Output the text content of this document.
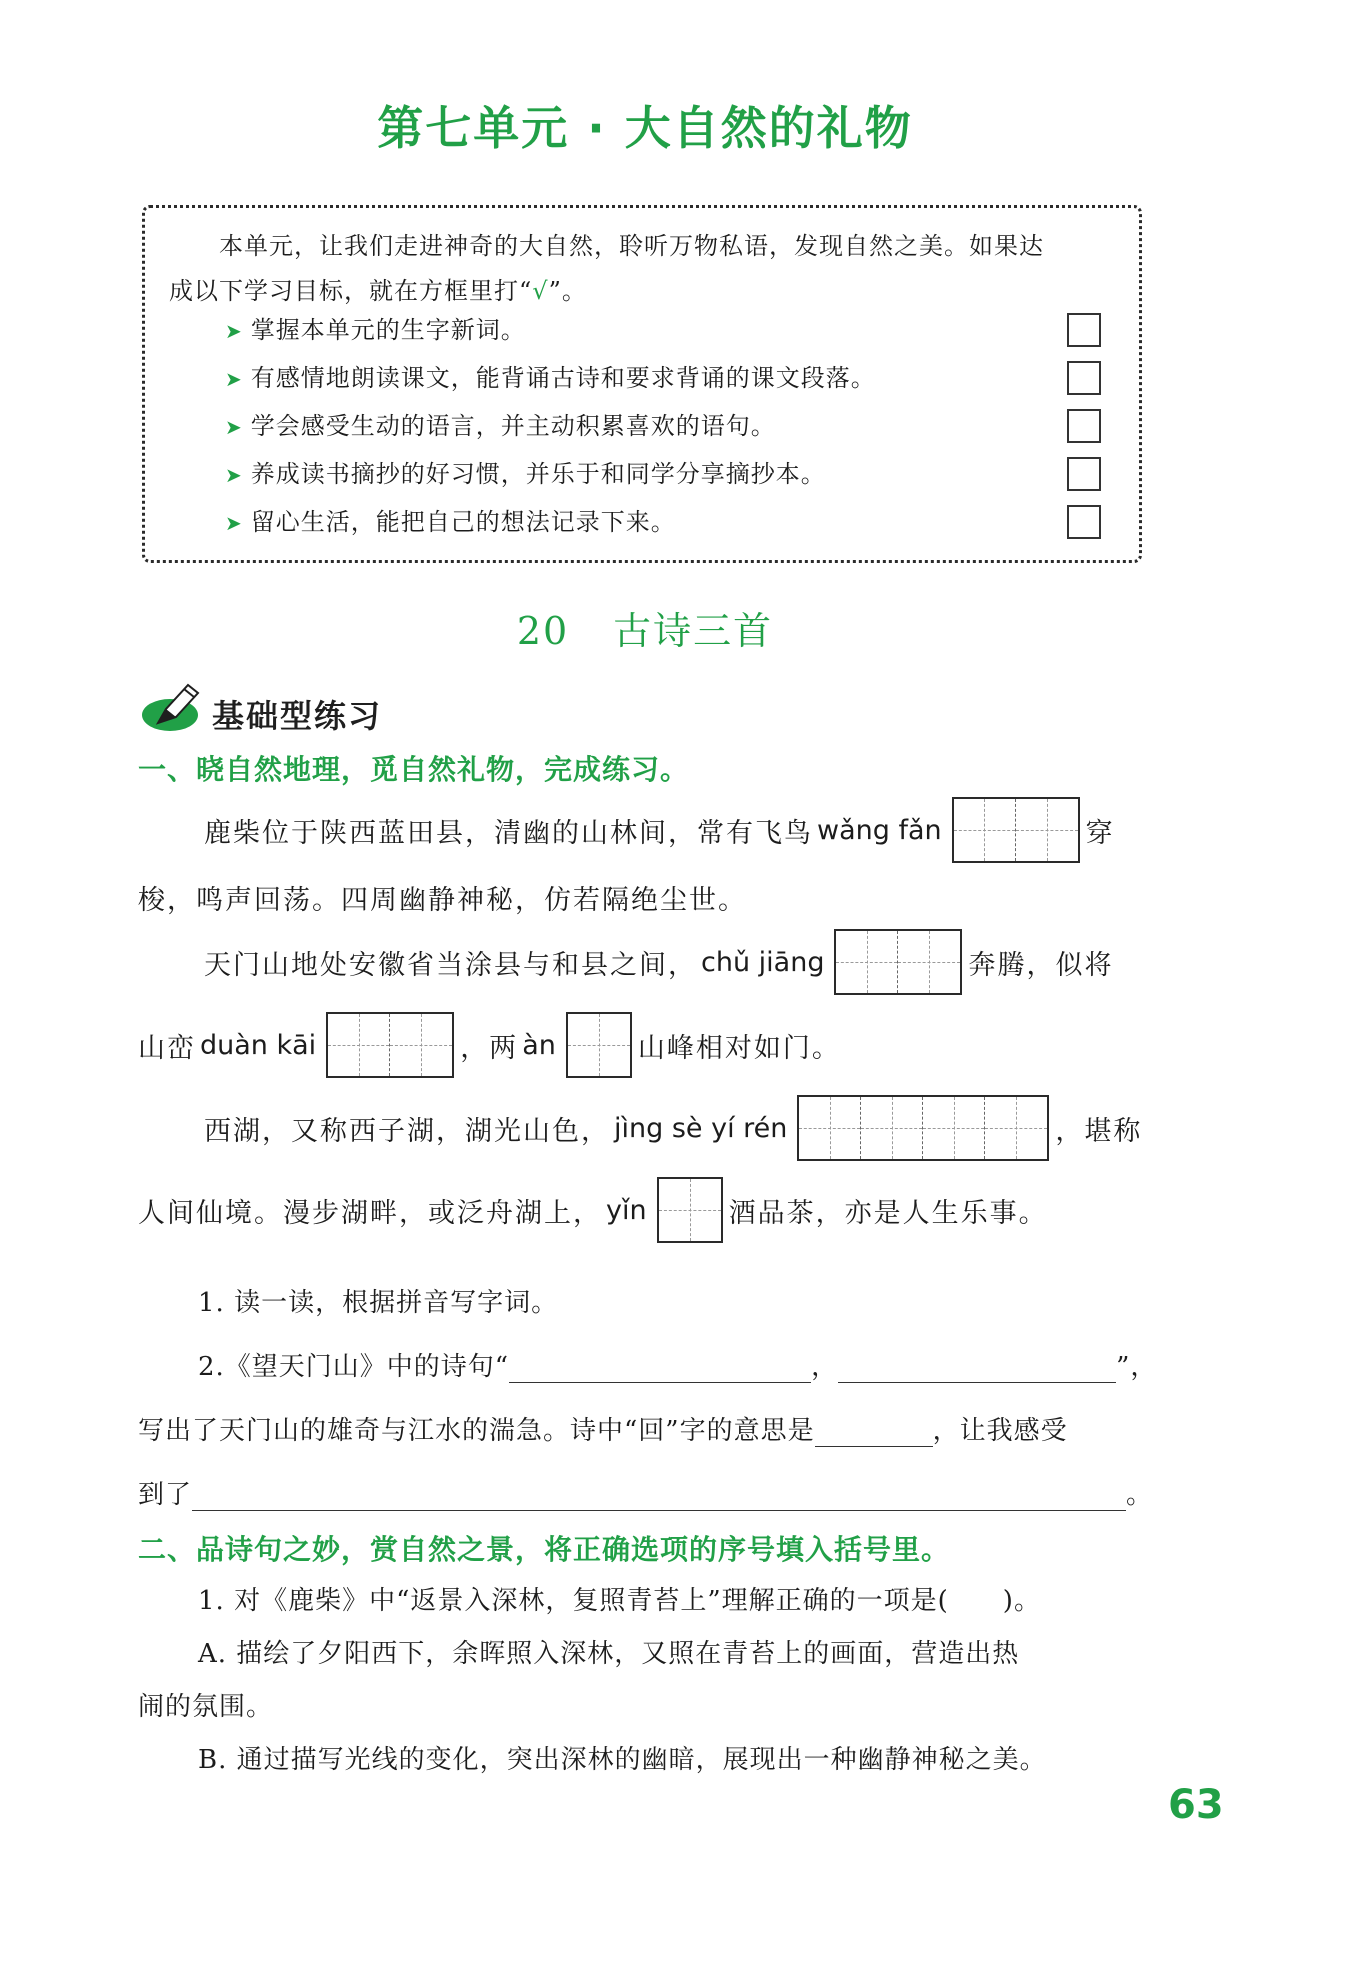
第七单元 · 大自然的礼物
本单元，让我们走进神奇的大自然，聆听万物私语，发现自然之美。如果达
成以下学习目标，就在方框里打“√”。
➤ 掌握本单元的生字新词。
➤ 有感情地朗读课文，能背诵古诗和要求背诵的课文段落。
➤ 学会感受生动的语言，并主动积累喜欢的语句。
➤ 养成读书摘抄的好习惯，并乐于和同学分享摘抄本。
➤ 留心生活，能把自己的想法记录下来。
20 古诗三首
基础型练习
一、晓自然地理，觅自然礼物，完成练习。
鹿柴位于陕西蓝田县，清幽的山林间，常有飞鸟 wǎng fǎn	穿
梭，鸣声回荡。四周幽静神秘，仿若隔绝尘世。
天门山地处安徽省当涂县与和县之间， chǔ jiāng	奔腾，似将
山峦 duàn kāi	，两 àn	山峰相对如门。
西湖，又称西子湖，湖光山色， jìng sè yí rén	，堪称
人间仙境。漫步湖畔，或泛舟湖上， yǐn	酒品茶，亦是人生乐事。
1. 读一读，根据拼音写字词。
2.《望天门山》中的诗句“	，	”，
写出了天门山的雄奇与江水的湍急。诗中“回”字的意思是	，让我感受
到了	。
二、品诗句之妙，赏自然之景，将正确选项的序号填入括号里。
1. 对《鹿柴》中“返景入深林，复照青苔上”理解正确的一项是(　　)。
A. 描绘了夕阳西下，余晖照入深林，又照在青苔上的画面，营造出热
闹的氛围。
B. 通过描写光线的变化，突出深林的幽暗，展现出一种幽静神秘之美。
63
